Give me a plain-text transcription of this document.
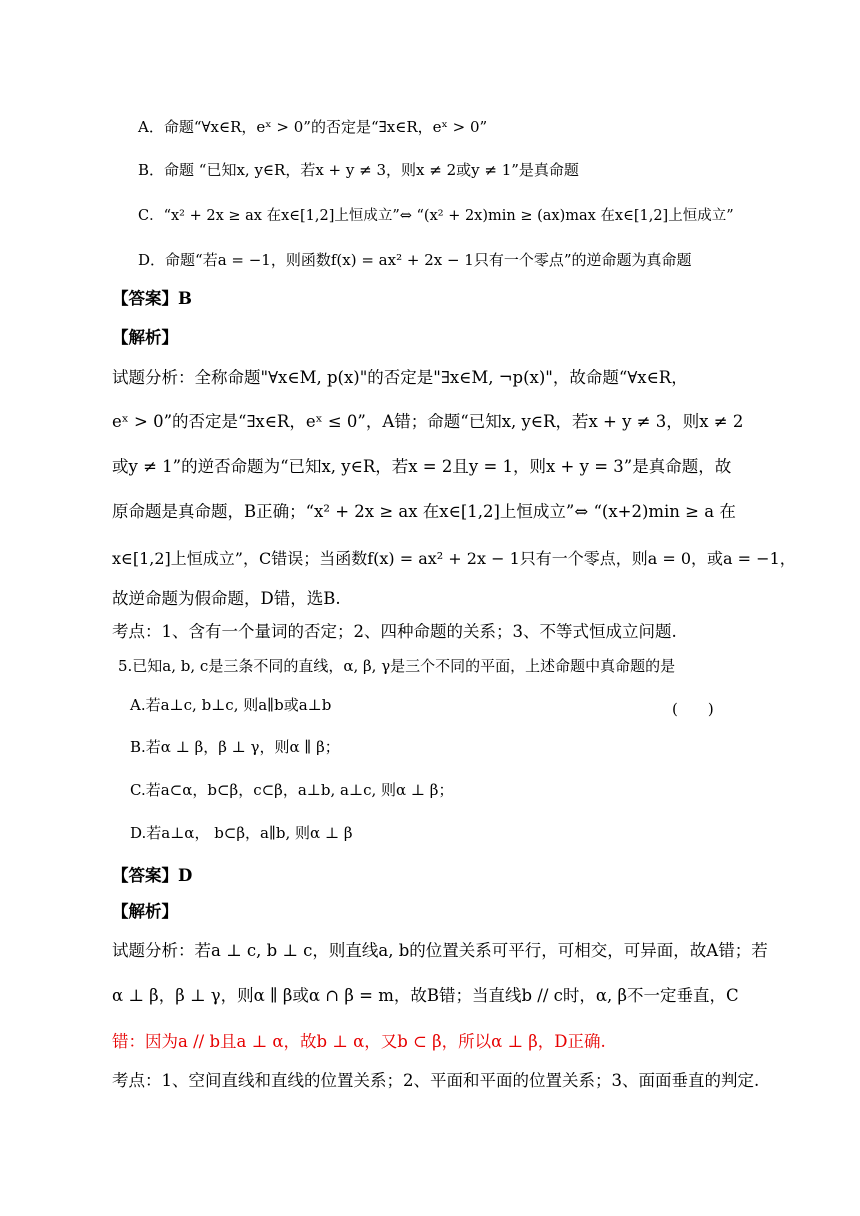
A．命题“∀x∈R，eˣ > 0”的否定是“∃x∈R，eˣ > 0”
B．命题 “已知x, y∈R，若x + y ≠ 3，则x ≠ 2或y ≠ 1”是真命题
C．“x² + 2x ≥ ax 在x∈[1,2]上恒成立”⇔ “(x² + 2x)min ≥ (ax)max 在x∈[1,2]上恒成立”
D．命题“若a = −1，则函数f(x) = ax² + 2x − 1只有一个零点”的逆命题为真命题
【答案】B
【解析】
试题分析：全称命题"∀x∈M, p(x)"的否定是"∃x∈M, ¬p(x)"，故命题“∀x∈R，
eˣ > 0”的否定是“∃x∈R，eˣ ≤ 0”，A错；命题“已知x, y∈R，若x + y ≠ 3，则x ≠ 2
或y ≠ 1”的逆否命题为“已知x, y∈R，若x = 2且y = 1，则x + y = 3”是真命题，故
原命题是真命题，B正确；“x² + 2x ≥ ax 在x∈[1,2]上恒成立”⇔ “(x+2)min ≥ a 在
x∈[1,2]上恒成立”，C错误；当函数f(x) = ax² + 2x − 1只有一个零点，则a = 0，或a = −1，
故逆命题为假命题，D错，选B.
考点：1、含有一个量词的否定；2、四种命题的关系；3、不等式恒成立问题.
5.已知a, b, c是三条不同的直线，α, β, γ是三个不同的平面，上述命题中真命题的是
(　　)
A.若a⊥c, b⊥c, 则a∥b或a⊥b
B.若α ⊥ β，β ⊥ γ，则α ∥ β；
C.若a⊂α，b⊂β，c⊂β，a⊥b, a⊥c, 则α ⊥ β；
D.若a⊥α， b⊂β，a∥b, 则α ⊥ β
【答案】D
【解析】
试题分析：若a ⊥ c, b ⊥ c，则直线a, b的位置关系可平行，可相交，可异面，故A错；若
α ⊥ β，β ⊥ γ，则α ∥ β或α ∩ β = m，故B错；当直线b // c时，α, β不一定垂直，C
错：因为a // b且a ⊥ α，故b ⊥ α，又b ⊂ β，所以α ⊥ β，D正确.
考点：1、空间直线和直线的位置关系；2、平面和平面的位置关系；3、面面垂直的判定.
